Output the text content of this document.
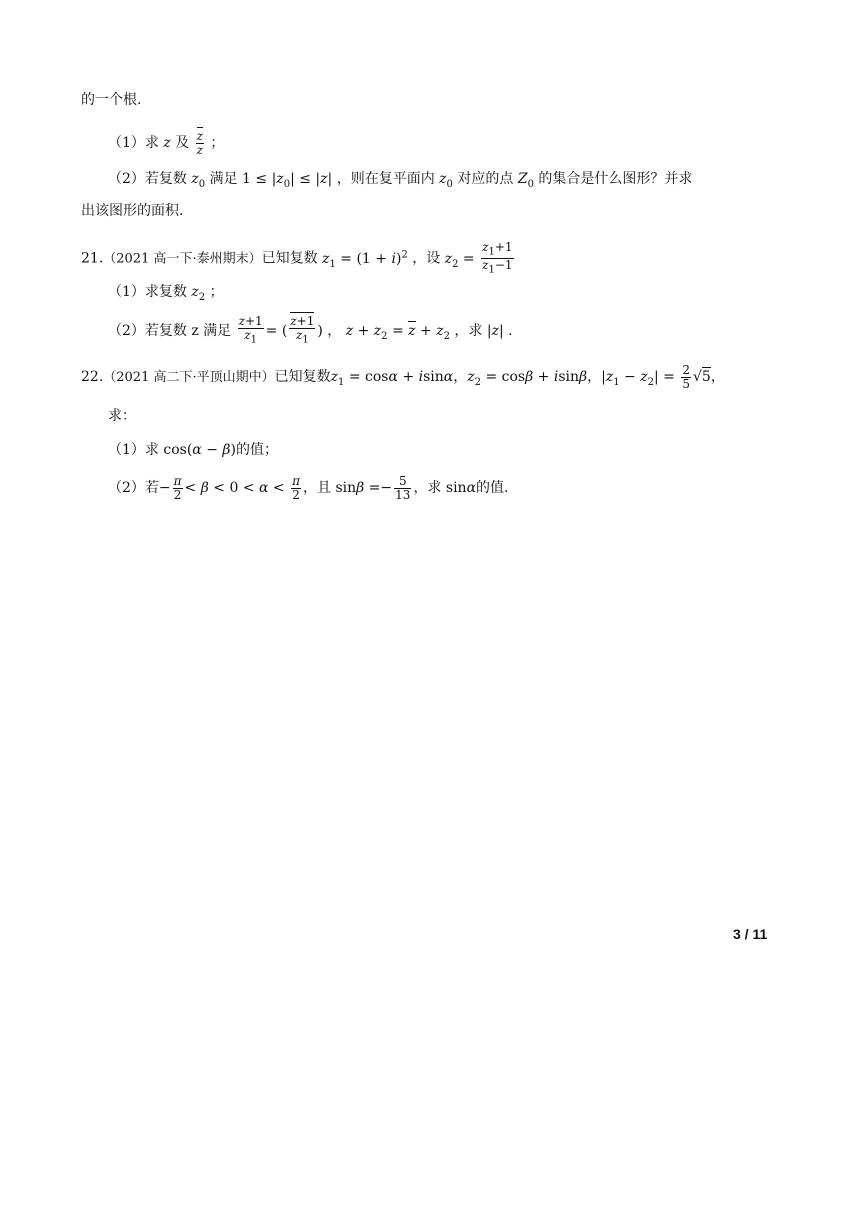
的一个根.
（1）求 z 及 $\frac{z}{z}$ ；
（2）若复数 $z_0$ 满足 $1 \le |z_0| \le |z|$ ，则在复平面内 $z_0$ 对应的点 $Z_0$ 的集合是什么图形？并求
出该图形的面积.
21.（2021 高一下·泰州期末）已知复数 $z_1 = (1 + i)^2$ ，设 $z_2 = \frac{z_1+1}{z_1-1}$
（1）求复数 $z_2$ ；
（2）若复数 z 满足 $\frac{z+1}{z_1}$ = ( $\frac{z+1}{z_1}$ ) ， $z + z_2 = z + z_2$ ，求 |z| .
22.（2021 高二下·平顶山期中）已知复数$z_1 = \cos\alpha + isin\alpha$，$z_2 = \cos\beta + isin\beta$，$|z_1 - z_2| = \frac{2}{5} √5$，
求：
（1）求 cos(α − β)的值；
（2）若− $\frac{\pi}{2} < \beta < 0 < \alpha < \frac{\pi}{2}$ ，且 $\sin\beta =- \frac{5}{13}$ ，求 sinα的值.
3 / 11
